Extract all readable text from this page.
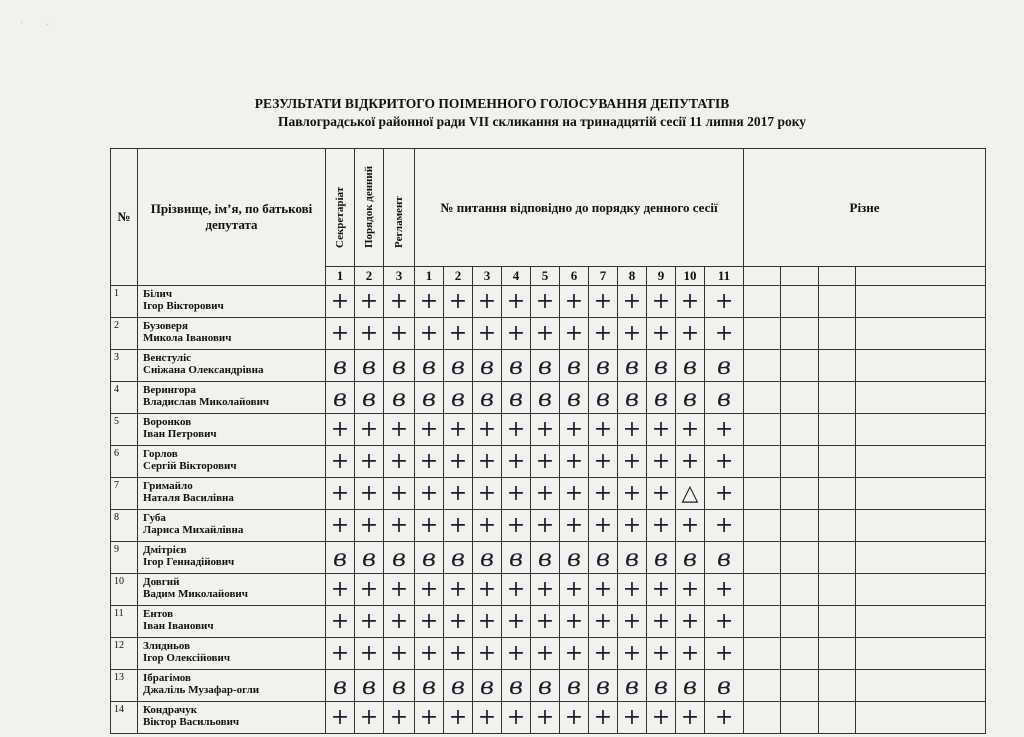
· ·
РЕЗУЛЬТАТИ ВІДКРИТОГО ПОІМЕННОГО ГОЛОСУВАННЯ ДЕПУТАТІВ
Павлоградської районної ради VII скликання на тринадцятій сесії 11 липня 2017 року
№	Прізвище, ім’я, по батькові депутата	Секретаріат	Порядок денний	Регламент	№ питання відповідно до порядку денного сесії											Різне			
		1	2	3	1	2	3	4	5	6	7	8	9	10	11				
1	Білич
Ігор Вікторович	+	+	+	+	+	+	+	+	+	+	+	+	+	+				
2	Бузоверя
Микола Іванович	+	+	+	+	+	+	+	+	+	+	+	+	+	+				
3	Венстуліс
Сніжана Олександрівна	в	в	в	в	в	в	в	в	в	в	в	в	в	в				
4	Верингора
Владислав Миколайович	в	в	в	в	в	в	в	в	в	в	в	в	в	в				
5	Воронков
Іван Петрович	+	+	+	+	+	+	+	+	+	+	+	+	+	+				
6	Горлов
Сергій Вікторович	+	+	+	+	+	+	+	+	+	+	+	+	+	+				
7	Гримайло
Наталя Василівна	+	+	+	+	+	+	+	+	+	+	+	+	△	+				
8	Губа
Лариса Михайлівна	+	+	+	+	+	+	+	+	+	+	+	+	+	+				
9	Дмітрієв
Ігор Геннадійович	в	в	в	в	в	в	в	в	в	в	в	в	в	в				
10	Довгий
Вадим Миколайович	+	+	+	+	+	+	+	+	+	+	+	+	+	+				
11	Ентов
Іван Іванович	+	+	+	+	+	+	+	+	+	+	+	+	+	+				
12	Злидньов
Ігор Олексійович	+	+	+	+	+	+	+	+	+	+	+	+	+	+				
13	Ібрагімов
Джаліль Музафар-огли	в	в	в	в	в	в	в	в	в	в	в	в	в	в				
14	Кондрачук
Віктор Васильович	+	+	+	+	+	+	+	+	+	+	+	+	+	+				
